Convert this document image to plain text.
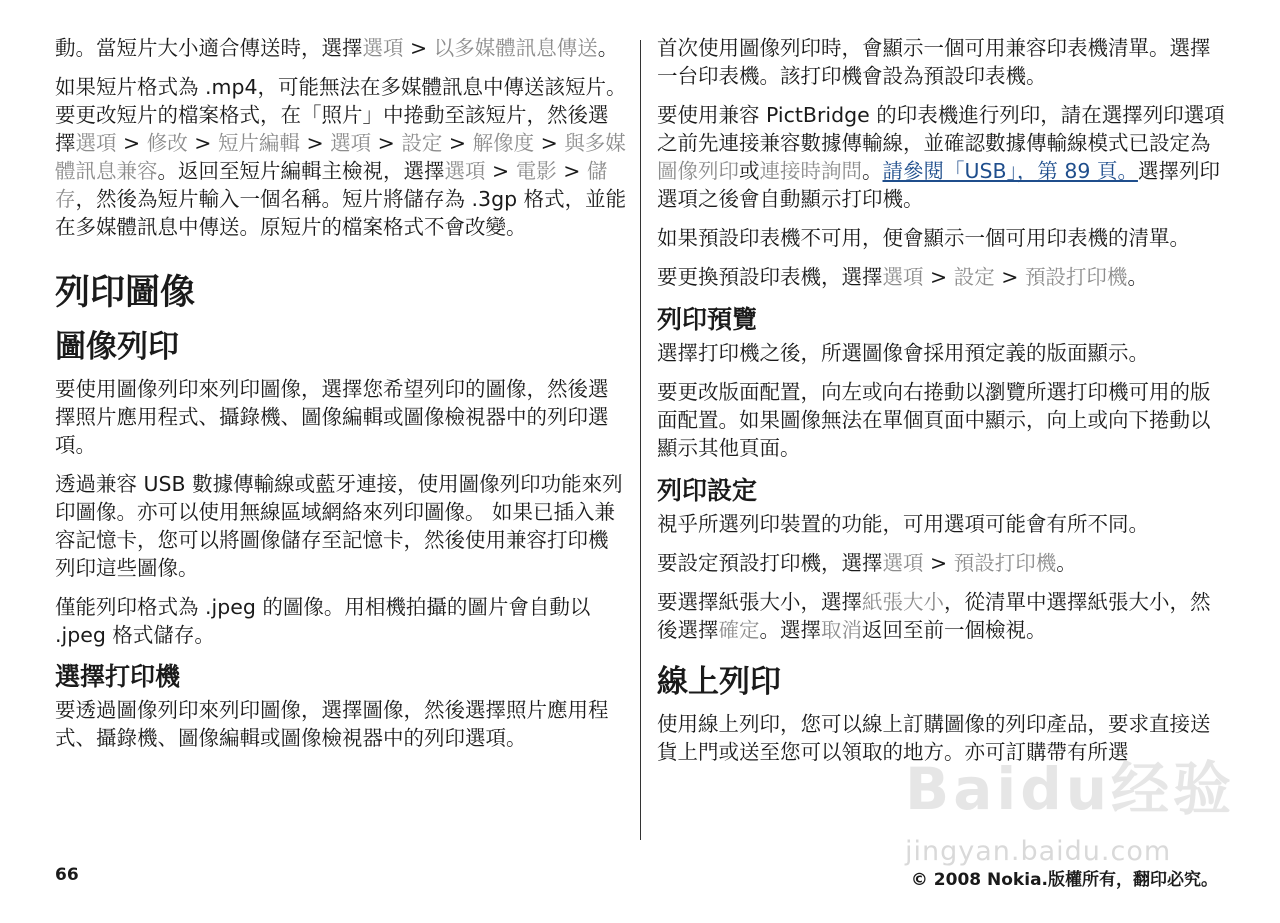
動。當短片大小適合傳送時，選擇選項 > 以多媒體訊息傳送。

如果短片格式為 .mp4，可能無法在多媒體訊息中傳送該短片。要更改短片的檔案格式，在「照片」中捲動至該短片，然後選擇選項 > 修改 > 短片編輯 > 選項 > 設定 > 解像度 > 與多媒體訊息兼容。返回至短片編輯主檢視，選擇選項 > 電影 > 儲存，然後為短片輸入一個名稱。短片將儲存為 .3gp 格式，並能在多媒體訊息中傳送。原短片的檔案格式不會改變。

列印圖像
圖像列印

要使用圖像列印來列印圖像，選擇您希望列印的圖像，然後選擇照片應用程式、攝錄機、圖像編輯或圖像檢視器中的列印選項。

透過兼容 USB 數據傳輸線或藍牙連接，使用圖像列印功能來列印圖像。亦可以使用無線區域網絡來列印圖像。 如果已插入兼容記憶卡，您可以將圖像儲存至記憶卡，然後使用兼容打印機列印這些圖像。

僅能列印格式為 .jpeg 的圖像。用相機拍攝的圖片會自動以 .jpeg 格式儲存。

選擇打印機

要透過圖像列印來列印圖像，選擇圖像，然後選擇照片應用程式、攝錄機、圖像編輯或圖像檢視器中的列印選項。

首次使用圖像列印時，會顯示一個可用兼容印表機清單。選擇一台印表機。該打印機會設為預設印表機。

要使用兼容 PictBridge 的印表機進行列印，請在選擇列印選項之前先連接兼容數據傳輸線，並確認數據傳輸線模式已設定為圖像列印或連接時詢問。請參閱「USB」，第 89 頁。選擇列印選項之後會自動顯示打印機。

如果預設印表機不可用，便會顯示一個可用印表機的清單。

要更換預設印表機，選擇選項 > 設定 > 預設打印機。

列印預覽

選擇打印機之後，所選圖像會採用預定義的版面顯示。

要更改版面配置，向左或向右捲動以瀏覽所選打印機可用的版面配置。如果圖像無法在單個頁面中顯示，向上或向下捲動以顯示其他頁面。

列印設定

視乎所選列印裝置的功能，可用選項可能會有所不同。

要設定預設打印機，選擇選項 > 預設打印機。

要選擇紙張大小，選擇紙張大小，從清單中選擇紙張大小，然後選擇確定。選擇取消返回至前一個檢視。

線上列印

使用線上列印，您可以線上訂購圖像的列印產品，要求直接送貨上門或送至您可以領取的地方。亦可訂購帶有所選

Baidu经验
jingyan.baidu.com
66	© 2008 Nokia.版權所有，翻印必究。
